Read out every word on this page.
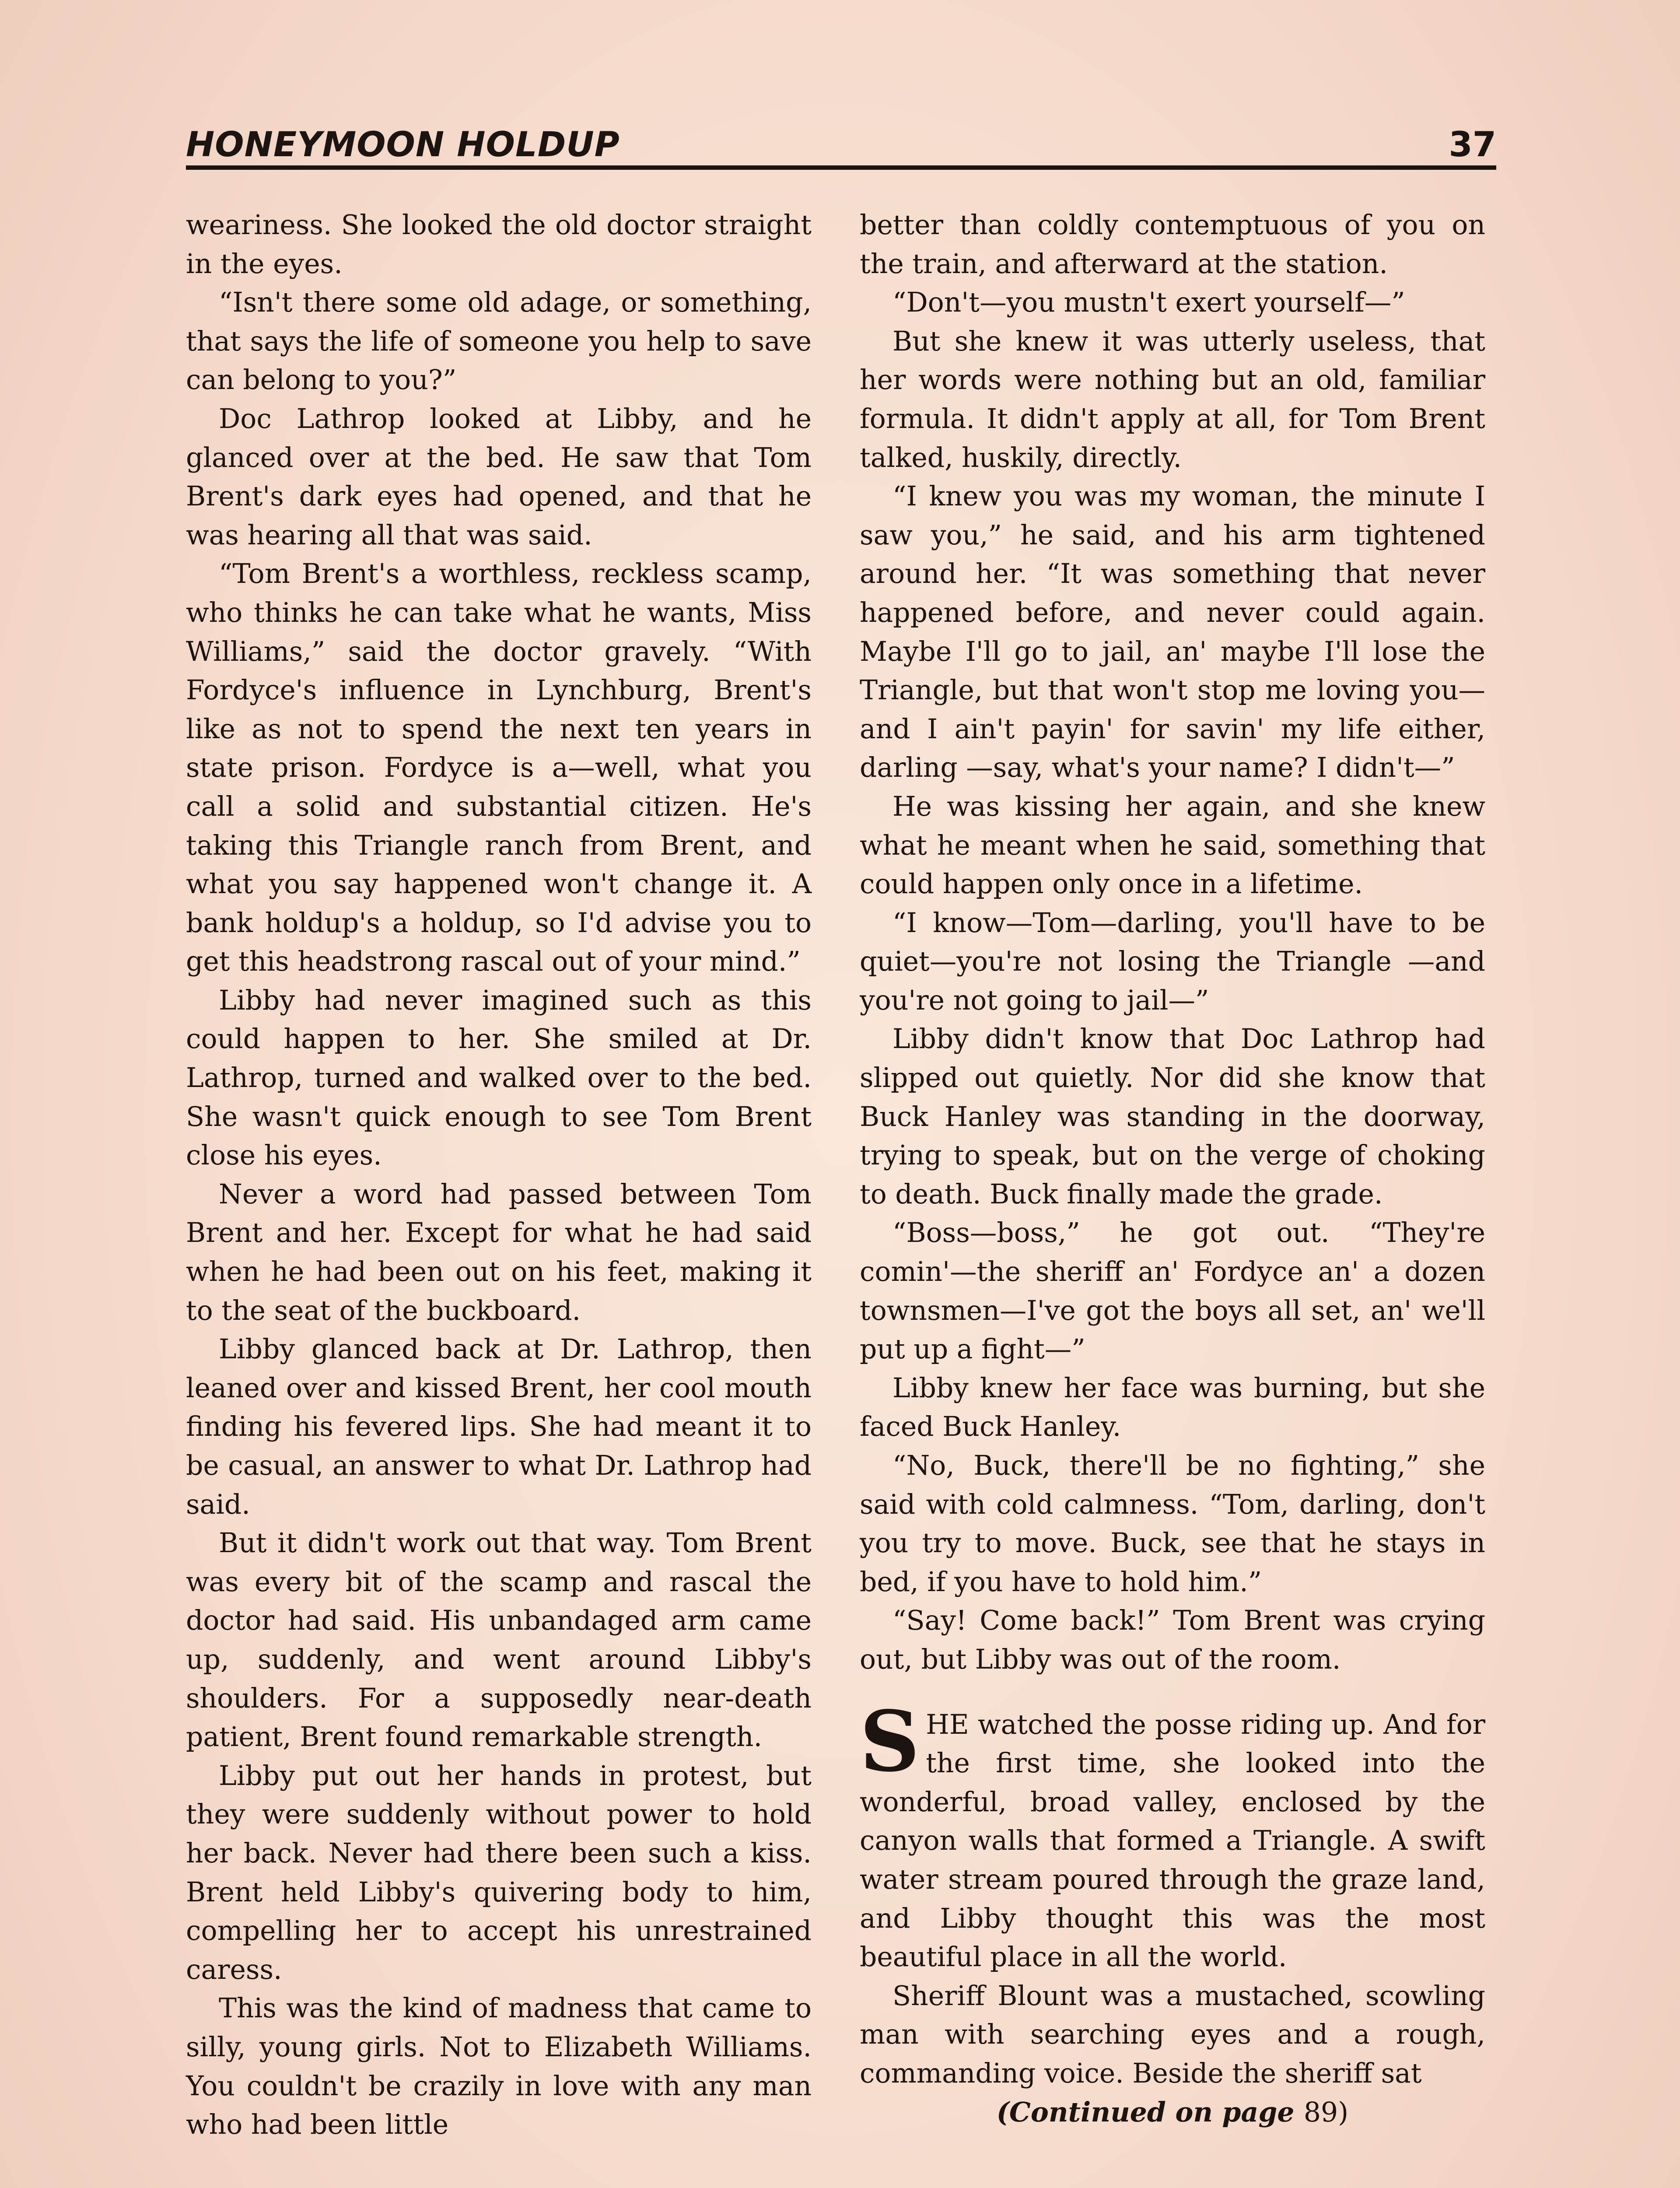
HONEYMOON HOLDUP	37

weariness. She looked the old doctor straight in the eyes.

“Isn't there some old adage, or something, that says the life of someone you help to save can belong to you?”

Doc Lathrop looked at Libby, and he glanced over at the bed. He saw that Tom Brent's dark eyes had opened, and that he was hearing all that was said.

“Tom Brent's a worthless, reckless scamp, who thinks he can take what he wants, Miss Williams,” said the doctor gravely. “With Fordyce's influence in Lynchburg, Brent's like as not to spend the next ten years in state prison. Fordyce is a—well, what you call a solid and substantial citizen. He's taking this Triangle ranch from Brent, and what you say happened won't change it. A bank holdup's a holdup, so I'd advise you to get this headstrong rascal out of your mind.”

Libby had never imagined such as this could happen to her. She smiled at Dr. Lathrop, turned and walked over to the bed. She wasn't quick enough to see Tom Brent close his eyes.

Never a word had passed between Tom Brent and her. Except for what he had said when he had been out on his feet, making it to the seat of the buckboard.

Libby glanced back at Dr. Lathrop, then leaned over and kissed Brent, her cool mouth finding his fevered lips. She had meant it to be casual, an answer to what Dr. Lathrop had said.

But it didn't work out that way. Tom Brent was every bit of the scamp and rascal the doctor had said. His unbandaged arm came up, suddenly, and went around Libby's shoulders. For a supposedly near-death patient, Brent found remarkable strength.

Libby put out her hands in protest, but they were suddenly without power to hold her back. Never had there been such a kiss. Brent held Libby's quivering body to him, compelling her to accept his unrestrained caress.

This was the kind of madness that came to silly, young girls. Not to Elizabeth Williams. You couldn't be crazily in love with any man who had been little

better than coldly contemptuous of you on the train, and afterward at the station.

“Don't—you mustn't exert yourself—”

But she knew it was utterly useless, that her words were nothing but an old, familiar formula. It didn't apply at all, for Tom Brent talked, huskily, directly.

“I knew you was my woman, the minute I saw you,” he said, and his arm tightened around her. “It was something that never happened before, and never could again. Maybe I'll go to jail, an' maybe I'll lose the Triangle, but that won't stop me loving you—and I ain't payin' for savin' my life either, darling —say, what's your name? I didn't—”

He was kissing her again, and she knew what he meant when he said, something that could happen only once in a lifetime.

“I know—Tom—darling, you'll have to be quiet—you're not losing the Triangle —and you're not going to jail—”

Libby didn't know that Doc Lathrop had slipped out quietly. Nor did she know that Buck Hanley was standing in the doorway, trying to speak, but on the verge of choking to death. Buck finally made the grade.

“Boss—boss,” he got out. “They're comin'—the sheriff an' Fordyce an' a dozen townsmen—I've got the boys all set, an' we'll put up a fight—”

Libby knew her face was burning, but she faced Buck Hanley.

“No, Buck, there'll be no fighting,” she said with cold calmness. “Tom, darling, don't you try to move. Buck, see that he stays in bed, if you have to hold him.”

“Say! Come back!” Tom Brent was crying out, but Libby was out of the room.

SHE watched the posse riding up. And for the first time, she looked into the wonderful, broad valley, enclosed by the canyon walls that formed a Triangle. A swift water stream poured through the graze land, and Libby thought this was the most beautiful place in all the world.

Sheriff Blount was a mustached, scowling man with searching eyes and a rough, commanding voice. Beside the sheriff sat

(Continued on page 89)
